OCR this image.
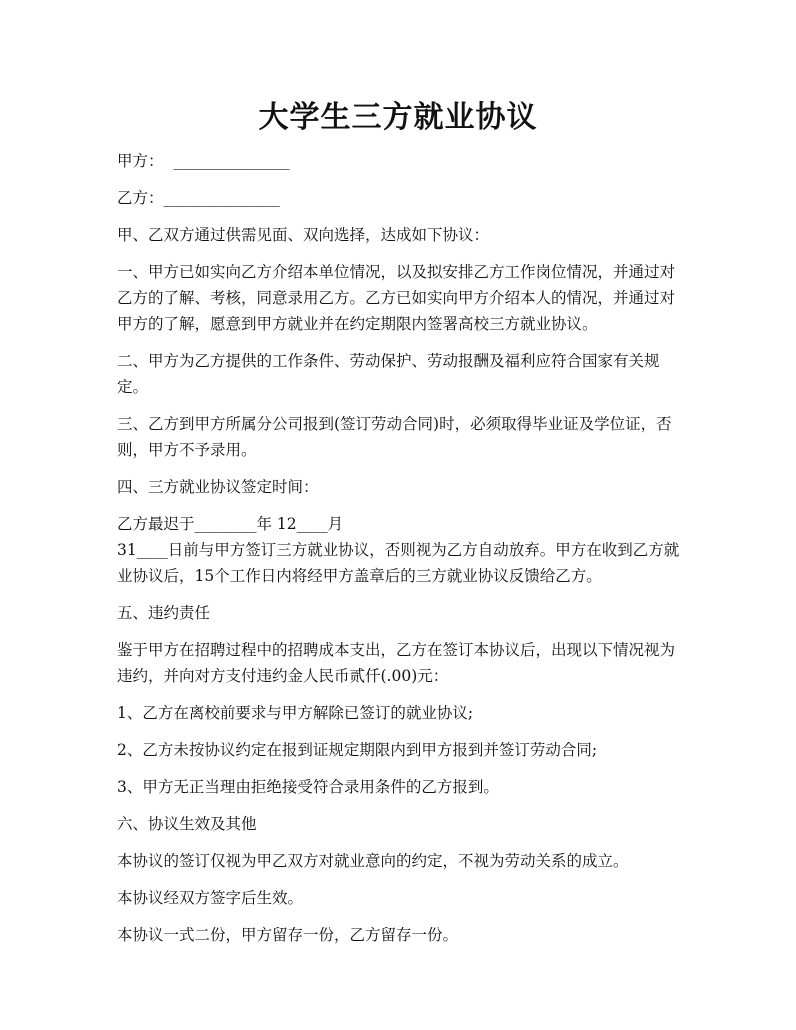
大学生三方就业协议

甲方： _______________

乙方：_______________

甲、乙双方通过供需见面、双向选择，达成如下协议：

一、甲方已如实向乙方介绍本单位情况，以及拟安排乙方工作岗位情况，并通过对乙方的了解、考核，同意录用乙方。乙方已如实向甲方介绍本人的情况，并通过对甲方的了解，愿意到甲方就业并在约定期限内签署高校三方就业协议。

二、甲方为乙方提供的工作条件、劳动保护、劳动报酬及福利应符合国家有关规定。

三、乙方到甲方所属分公司报到(签订劳动合同)时，必须取得毕业证及学位证，否则，甲方不予录用。

四、三方就业协议签定时间：

乙方最迟于________年 12____月

31____日前与甲方签订三方就业协议，否则视为乙方自动放弃。甲方在收到乙方就业协议后，15个工作日内将经甲方盖章后的三方就业协议反馈给乙方。

五、违约责任

鉴于甲方在招聘过程中的招聘成本支出，乙方在签订本协议后，出现以下情况视为违约，并向对方支付违约金人民币贰仟(.00)元：

1、乙方在离校前要求与甲方解除已签订的就业协议;

2、乙方未按协议约定在报到证规定期限内到甲方报到并签订劳动合同;

3、甲方无正当理由拒绝接受符合录用条件的乙方报到。

六、协议生效及其他

本协议的签订仅视为甲乙双方对就业意向的约定，不视为劳动关系的成立。

本协议经双方签字后生效。

本协议一式二份，甲方留存一份，乙方留存一份。
